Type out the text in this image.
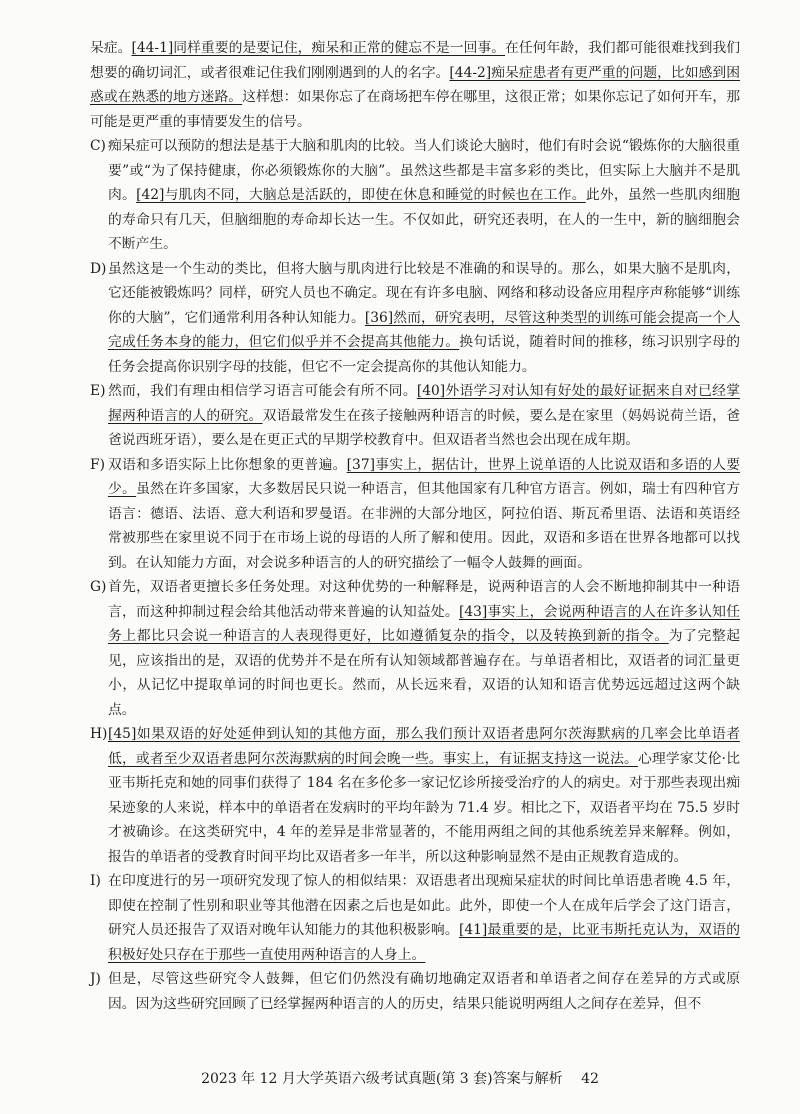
呆症。[44-1]同样重要的是要记住，痴呆和正常的健忘不是一回事。在任何年龄，我们都可能很难找到我们想要的确切词汇，或者很难记住我们刚刚遇到的人的名字。[44-2]痴呆症患者有更严重的问题，比如感到困惑或在熟悉的地方迷路。这样想：如果你忘了在商场把车停在哪里，这很正常；如果你忘记了如何开车，那可能是更严重的事情要发生的信号。

C) 痴呆症可以预防的想法是基于大脑和肌肉的比较。当人们谈论大脑时，他们有时会说“锻炼你的大脑很重要”或“为了保持健康，你必须锻炼你的大脑”。虽然这些都是丰富多彩的类比，但实际上大脑并不是肌肉。[42]与肌肉不同，大脑总是活跃的，即使在休息和睡觉的时候也在工作。此外，虽然一些肌肉细胞的寿命只有几天，但脑细胞的寿命却长达一生。不仅如此，研究还表明，在人的一生中，新的脑细胞会不断产生。

D) 虽然这是一个生动的类比，但将大脑与肌肉进行比较是不准确的和误导的。那么，如果大脑不是肌肉，它还能被锻炼吗？同样，研究人员也不确定。现在有许多电脑、网络和移动设备应用程序声称能够“训练你的大脑”，它们通常利用各种认知能力。[36]然而，研究表明，尽管这种类型的训练可能会提高一个人完成任务本身的能力，但它们似乎并不会提高其他能力。换句话说，随着时间的推移，练习识别字母的任务会提高你识别字母的技能，但它不一定会提高你的其他认知能力。

E) 然而，我们有理由相信学习语言可能会有所不同。[40]外语学习对认知有好处的最好证据来自对已经掌握两种语言的人的研究。双语最常发生在孩子接触两种语言的时候，要么是在家里（妈妈说荷兰语，爸爸说西班牙语），要么是在更正式的早期学校教育中。但双语者当然也会出现在成年期。

F) 双语和多语实际上比你想象的更普遍。[37]事实上，据估计，世界上说单语的人比说双语和多语的人要少。虽然在许多国家，大多数居民只说一种语言，但其他国家有几种官方语言。例如，瑞士有四种官方语言：德语、法语、意大利语和罗曼语。在非洲的大部分地区，阿拉伯语、斯瓦希里语、法语和英语经常被那些在家里说不同于在市场上说的母语的人所了解和使用。因此，双语和多语在世界各地都可以找到。在认知能力方面，对会说多种语言的人的研究描绘了一幅令人鼓舞的画面。

G) 首先，双语者更擅长多任务处理。对这种优势的一种解释是，说两种语言的人会不断地抑制其中一种语言，而这种抑制过程会给其他活动带来普遍的认知益处。[43]事实上，会说两种语言的人在许多认知任务上都比只会说一种语言的人表现得更好，比如遵循复杂的指令，以及转换到新的指令。为了完整起见，应该指出的是，双语的优势并不是在所有认知领域都普遍存在。与单语者相比，双语者的词汇量更小，从记忆中提取单词的时间也更长。然而，从长远来看，双语的认知和语言优势远远超过这两个缺点。

H) [45]如果双语的好处延伸到认知的其他方面，那么我们预计双语者患阿尔茨海默病的几率会比单语者低，或者至少双语者患阿尔茨海默病的时间会晚一些。事实上，有证据支持这一说法。心理学家艾伦·比亚韦斯托克和她的同事们获得了 184 名在多伦多一家记忆诊所接受治疗的人的病史。对于那些表现出痴呆迹象的人来说，样本中的单语者在发病时的平均年龄为 71.4 岁。相比之下，双语者平均在 75.5 岁时才被确诊。在这类研究中，4 年的差异是非常显著的，不能用两组之间的其他系统差异来解释。例如，报告的单语者的受教育时间平均比双语者多一年半，所以这种影响显然不是由正规教育造成的。

I) 在印度进行的另一项研究发现了惊人的相似结果：双语患者出现痴呆症状的时间比单语患者晚 4.5 年，即使在控制了性别和职业等其他潜在因素之后也是如此。此外，即使一个人在成年后学会了这门语言，研究人员还报告了双语对晚年认知能力的其他积极影响。[41]最重要的是，比亚韦斯托克认为，双语的积极好处只存在于那些一直使用两种语言的人身上。

J) 但是，尽管这些研究令人鼓舞，但它们仍然没有确切地确定双语者和单语者之间存在差异的方式或原因。因为这些研究回顾了已经掌握两种语言的人的历史，结果只能说明两组人之间存在差异，但不

2023 年 12 月大学英语六级考试真题(第 3 套)答案与解析 42
